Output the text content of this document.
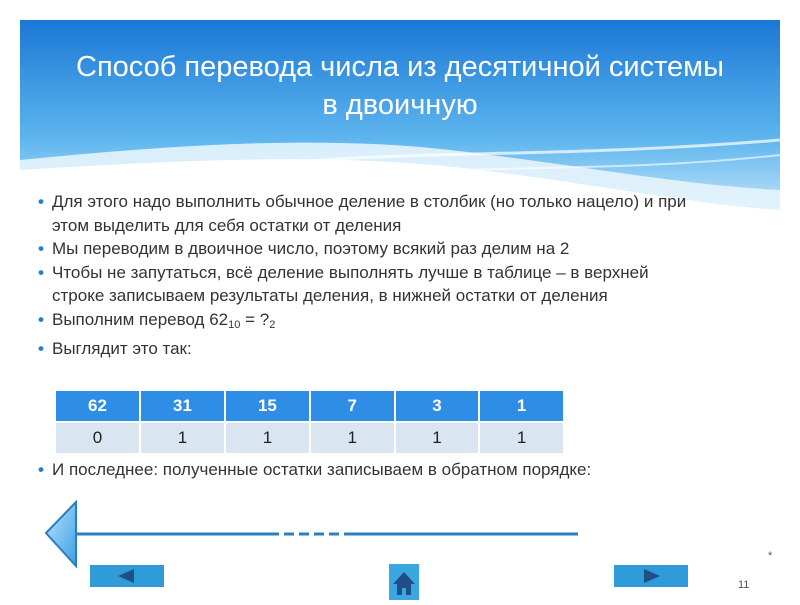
Способ перевода числа из десятичной системы
в двоичную
• Для этого надо выполнить обычное деление в столбик (но только нацело) и при этом выделить для себя остатки от деления
• Мы переводим в двоичное число, поэтому всякий раз делим на 2
• Чтобы не запутаться, всё деление выполнять лучше в таблице – в верхней строке записываем результаты деления, в нижней остатки от деления
• Выполним перевод $62_{10}$ = $?_2$
• Выглядит это так:
62	31	15	7	3	1
0	1	1	1	1	1
• И последнее: полученные остатки записываем в обратном порядке:
*
11
